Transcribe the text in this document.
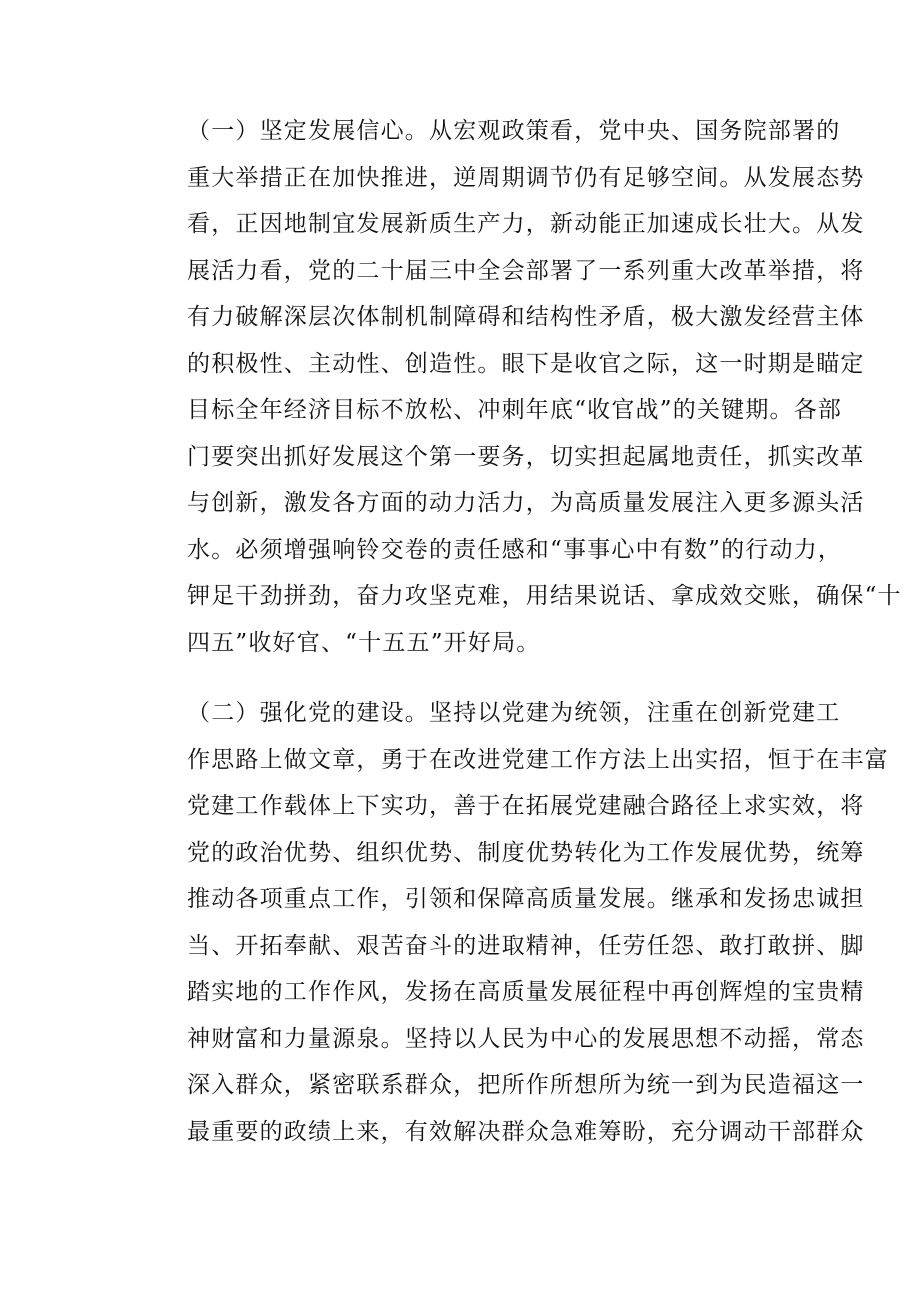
（一）坚定发展信心。从宏观政策看，党中央、国务院部署的
重大举措正在加快推进，逆周期调节仍有足够空间。从发展态势
看，正因地制宜发展新质生产力，新动能正加速成长壮大。从发
展活力看，党的二十届三中全会部署了一系列重大改革举措，将
有力破解深层次体制机制障碍和结构性矛盾，极大激发经营主体
的积极性、主动性、创造性。眼下是收官之际，这一时期是瞄定
目标全年经济目标不放松、冲刺年底“收官战”的关键期。各部
门要突出抓好发展这个第一要务，切实担起属地责任，抓实改革
与创新，激发各方面的动力活力，为高质量发展注入更多源头活
水。必须增强响铃交卷的责任感和“事事心中有数”的行动力，
钾足干劲拼劲，奋力攻坚克难，用结果说话、拿成效交账，确保“十
四五”收好官、“十五五”开好局。

（二）强化党的建设。坚持以党建为统领，注重在创新党建工
作思路上做文章，勇于在改进党建工作方法上出实招，恒于在丰富
党建工作载体上下实功，善于在拓展党建融合路径上求实效，将
党的政治优势、组织优势、制度优势转化为工作发展优势，统筹
推动各项重点工作，引领和保障高质量发展。继承和发扬忠诚担
当、开拓奉献、艰苦奋斗的进取精神，任劳任怨、敢打敢拼、脚
踏实地的工作作风，发扬在高质量发展征程中再创辉煌的宝贵精
神财富和力量源泉。坚持以人民为中心的发展思想不动摇，常态
深入群众，紧密联系群众，把所作所想所为统一到为民造福这一
最重要的政绩上来，有效解决群众急难筹盼，充分调动干部群众
